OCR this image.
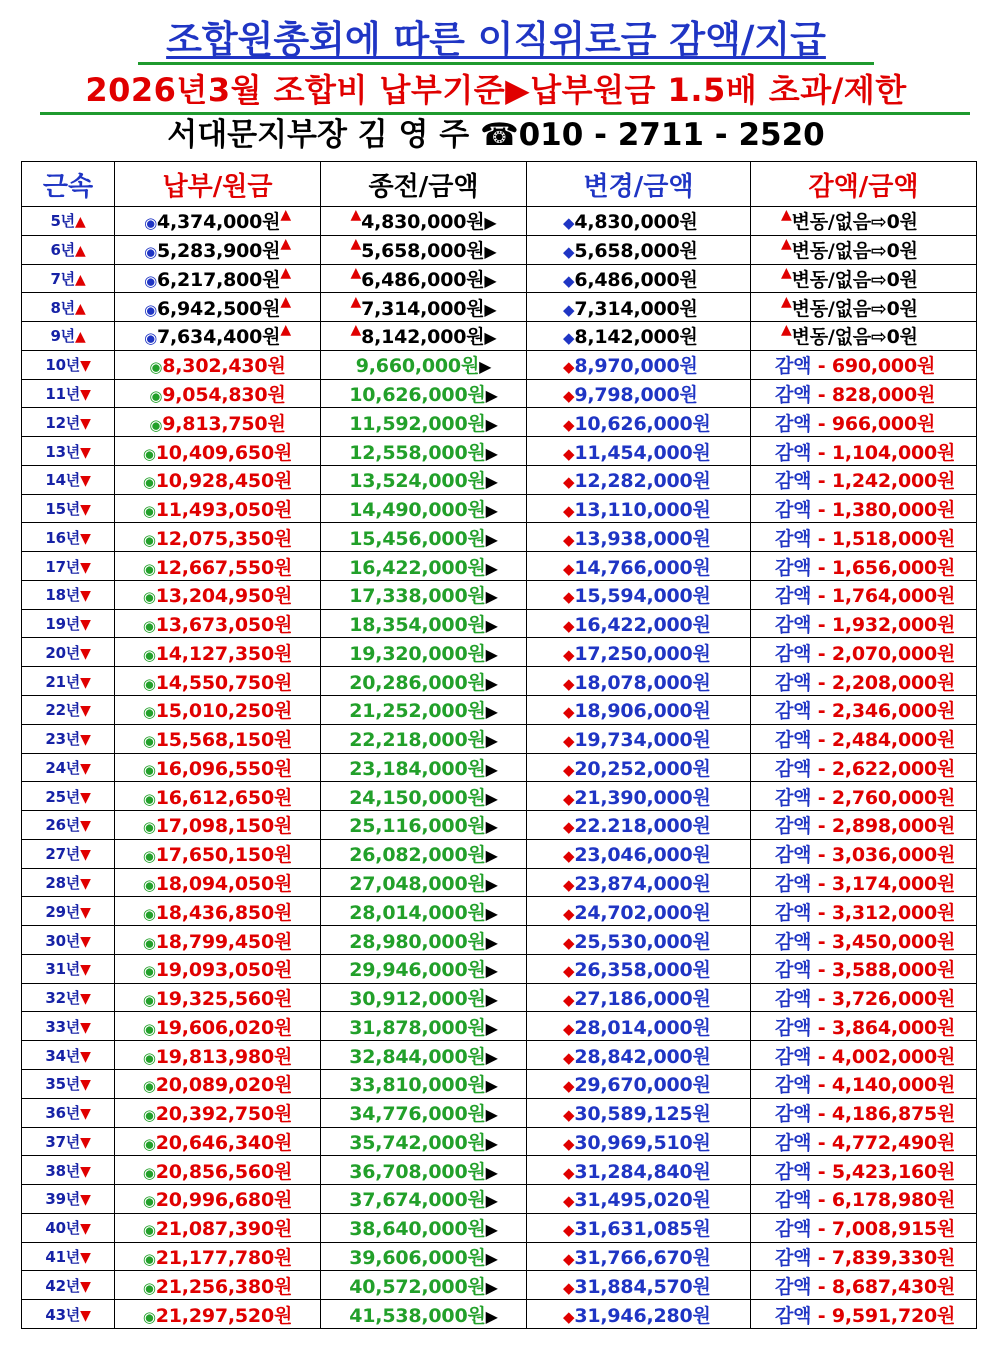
조합원총회에 따른 이직위로금 감액/지급
2026년3월 조합비 납부기준▶납부원금 1.5배 초과/제한
서대문지부장 김 영 주 ☎010 - 2711 - 2520
근속	납부/원금	종전/금액	변경/금액	감액/금액
5년▲	◉4,374,000원▲	▲4,830,000원▶	◆4,830,000원	▲변동/없음⇨0원
6년▲	◉5,283,900원▲	▲5,658,000원▶	◆5,658,000원	▲변동/없음⇨0원
7년▲	◉6,217,800원▲	▲6,486,000원▶	◆6,486,000원	▲변동/없음⇨0원
8년▲	◉6,942,500원▲	▲7,314,000원▶	◆7,314,000원	▲변동/없음⇨0원
9년▲	◉7,634,400원▲	▲8,142,000원▶	◆8,142,000원	▲변동/없음⇨0원
10년▼	◉8,302,430원	9,660,000원▶	◆8,970,000원	감액 - 690,000원
11년▼	◉9,054,830원	10,626,000원▶	◆9,798,000원	감액 - 828,000원
12년▼	◉9,813,750원	11,592,000원▶	◆10,626,000원	감액 - 966,000원
13년▼	◉10,409,650원	12,558,000원▶	◆11,454,000원	감액 - 1,104,000원
14년▼	◉10,928,450원	13,524,000원▶	◆12,282,000원	감액 - 1,242,000원
15년▼	◉11,493,050원	14,490,000원▶	◆13,110,000원	감액 - 1,380,000원
16년▼	◉12,075,350원	15,456,000원▶	◆13,938,000원	감액 - 1,518,000원
17년▼	◉12,667,550원	16,422,000원▶	◆14,766,000원	감액 - 1,656,000원
18년▼	◉13,204,950원	17,338,000원▶	◆15,594,000원	감액 - 1,764,000원
19년▼	◉13,673,050원	18,354,000원▶	◆16,422,000원	감액 - 1,932,000원
20년▼	◉14,127,350원	19,320,000원▶	◆17,250,000원	감액 - 2,070,000원
21년▼	◉14,550,750원	20,286,000원▶	◆18,078,000원	감액 - 2,208,000원
22년▼	◉15,010,250원	21,252,000원▶	◆18,906,000원	감액 - 2,346,000원
23년▼	◉15,568,150원	22,218,000원▶	◆19,734,000원	감액 - 2,484,000원
24년▼	◉16,096,550원	23,184,000원▶	◆20,252,000원	감액 - 2,622,000원
25년▼	◉16,612,650원	24,150,000원▶	◆21,390,000원	감액 - 2,760,000원
26년▼	◉17,098,150원	25,116,000원▶	◆22.218,000원	감액 - 2,898,000원
27년▼	◉17,650,150원	26,082,000원▶	◆23,046,000원	감액 - 3,036,000원
28년▼	◉18,094,050원	27,048,000원▶	◆23,874,000원	감액 - 3,174,000원
29년▼	◉18,436,850원	28,014,000원▶	◆24,702,000원	감액 - 3,312,000원
30년▼	◉18,799,450원	28,980,000원▶	◆25,530,000원	감액 - 3,450,000원
31년▼	◉19,093,050원	29,946,000원▶	◆26,358,000원	감액 - 3,588,000원
32년▼	◉19,325,560원	30,912,000원▶	◆27,186,000원	감액 - 3,726,000원
33년▼	◉19,606,020원	31,878,000원▶	◆28,014,000원	감액 - 3,864,000원
34년▼	◉19,813,980원	32,844,000원▶	◆28,842,000원	감액 - 4,002,000원
35년▼	◉20,089,020원	33,810,000원▶	◆29,670,000원	감액 - 4,140,000원
36년▼	◉20,392,750원	34,776,000원▶	◆30,589,125원	감액 - 4,186,875원
37년▼	◉20,646,340원	35,742,000원▶	◆30,969,510원	감액 - 4,772,490원
38년▼	◉20,856,560원	36,708,000원▶	◆31,284,840원	감액 - 5,423,160원
39년▼	◉20,996,680원	37,674,000원▶	◆31,495,020원	감액 - 6,178,980원
40년▼	◉21,087,390원	38,640,000원▶	◆31,631,085원	감액 - 7,008,915원
41년▼	◉21,177,780원	39,606,000원▶	◆31,766,670원	감액 - 7,839,330원
42년▼	◉21,256,380원	40,572,000원▶	◆31,884,570원	감액 - 8,687,430원
43년▼	◉21,297,520원	41,538,000원▶	◆31,946,280원	감액 - 9,591,720원
